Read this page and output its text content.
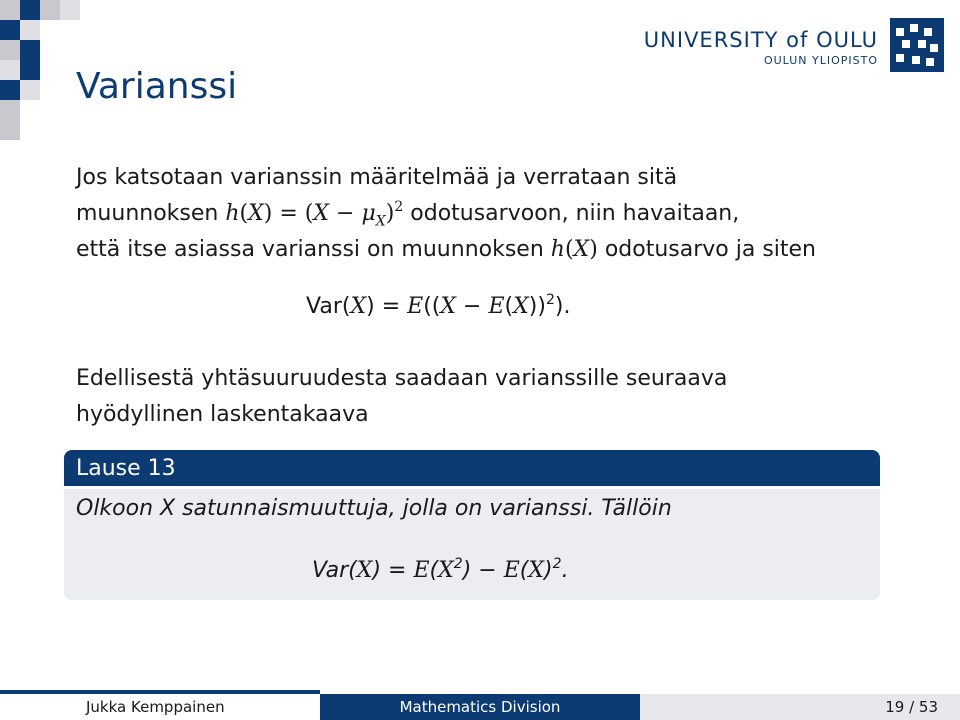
Varianssi
UNIVERSITY of OULU
OULUN YLIOPISTO
Jos katsotaan varianssin määritelmää ja verrataan sitä
muunnoksen $h(X) = (X - \mu_X)^2$ odotusarvoon, niin havaitaan,
että itse asiassa varianssi on muunnoksen h(X) odotusarvo ja siten
$Var(X) = E((X - E(X))^2)$.
Edellisestä yhtäsuuruudesta saadaan varianssille seuraava
hyödyllinen laskentakaava
Lause 13
Olkoon X satunnaismuuttuja, jolla on varianssi. Tällöin
$Var(X) = E(X^2) - E(X)^2$.
Jukka Kemppainen	Mathematics Division	19 / 53
